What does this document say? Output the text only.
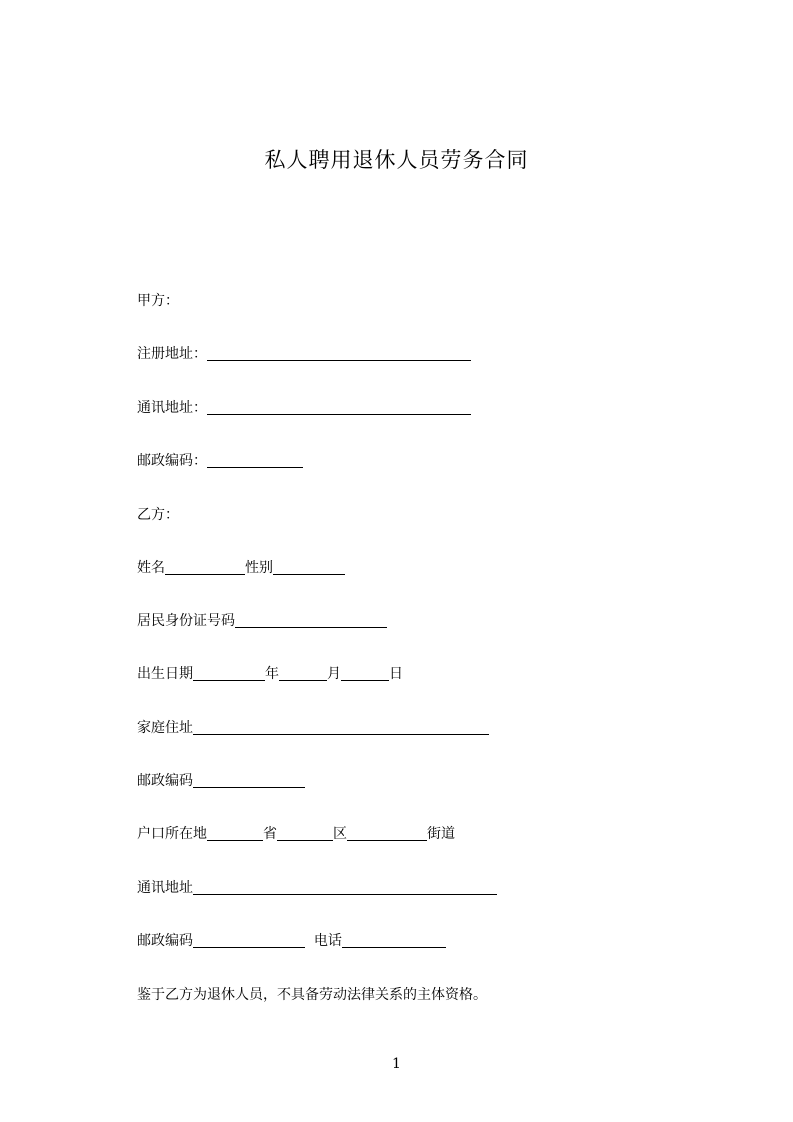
私人聘用退休人员劳务合同
甲方：
注册地址：
通讯地址：
邮政编码：
乙方：
姓名	性别
居民身份证号码
出生日期	年	月	日
家庭住址
邮政编码
户口所在地	省	区	街道
通讯地址
邮政编码	电话
鉴于乙方为退休人员，不具备劳动法律关系的主体资格。
1
